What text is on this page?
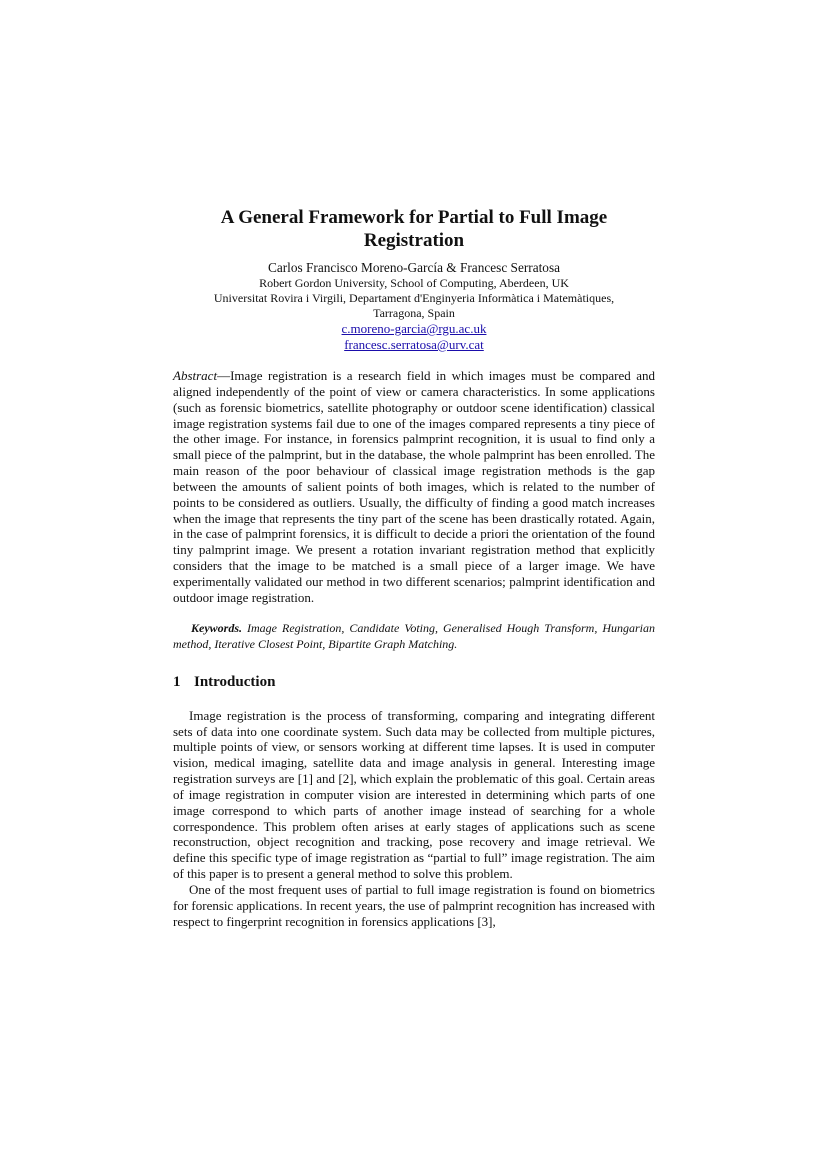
A General Framework for Partial to Full Image Registration
Carlos Francisco Moreno-García & Francesc Serratosa
Robert Gordon University, School of Computing, Aberdeen, UK
Universitat Rovira i Virgili, Departament d'Enginyeria Informàtica i Matemàtiques,
Tarragona, Spain
c.moreno-garcia@rgu.ac.uk
francesc.serratosa@urv.cat
Abstract—Image registration is a research field in which images must be compared and aligned independently of the point of view or camera characteristics. In some applications (such as forensic biometrics, satellite photography or outdoor scene identification) classical image registration systems fail due to one of the images compared represents a tiny piece of the other image. For instance, in forensics palmprint recognition, it is usual to find only a small piece of the palmprint, but in the database, the whole palmprint has been enrolled. The main reason of the poor behaviour of classical image registration methods is the gap between the amounts of salient points of both images, which is related to the number of points to be considered as outliers. Usually, the difficulty of finding a good match increases when the image that represents the tiny part of the scene has been drastically rotated. Again, in the case of palmprint forensics, it is difficult to decide a priori the orientation of the found tiny palmprint image. We present a rotation invariant registration method that explicitly considers that the image to be matched is a small piece of a larger image. We have experimentally validated our method in two different scenarios; palmprint identification and outdoor image registration.
Keywords. Image Registration, Candidate Voting, Generalised Hough Transform, Hungarian method, Iterative Closest Point, Bipartite Graph Matching.
1 Introduction

Image registration is the process of transforming, comparing and integrating different sets of data into one coordinate system. Such data may be collected from multiple pictures, multiple points of view, or sensors working at different time lapses. It is used in computer vision, medical imaging, satellite data and image analysis in general. Interesting image registration surveys are [1] and [2], which explain the problematic of this goal. Certain areas of image registration in computer vision are interested in determining which parts of one image correspond to which parts of another image instead of searching for a whole correspondence. This problem often arises at early stages of applications such as scene reconstruction, object recognition and tracking, pose recovery and image retrieval. We define this specific type of image registration as “partial to full” image registration. The aim of this paper is to present a general method to solve this problem.

One of the most frequent uses of partial to full image registration is found on biometrics for forensic applications. In recent years, the use of palmprint recognition has increased with respect to fingerprint recognition in forensics applications [3],
